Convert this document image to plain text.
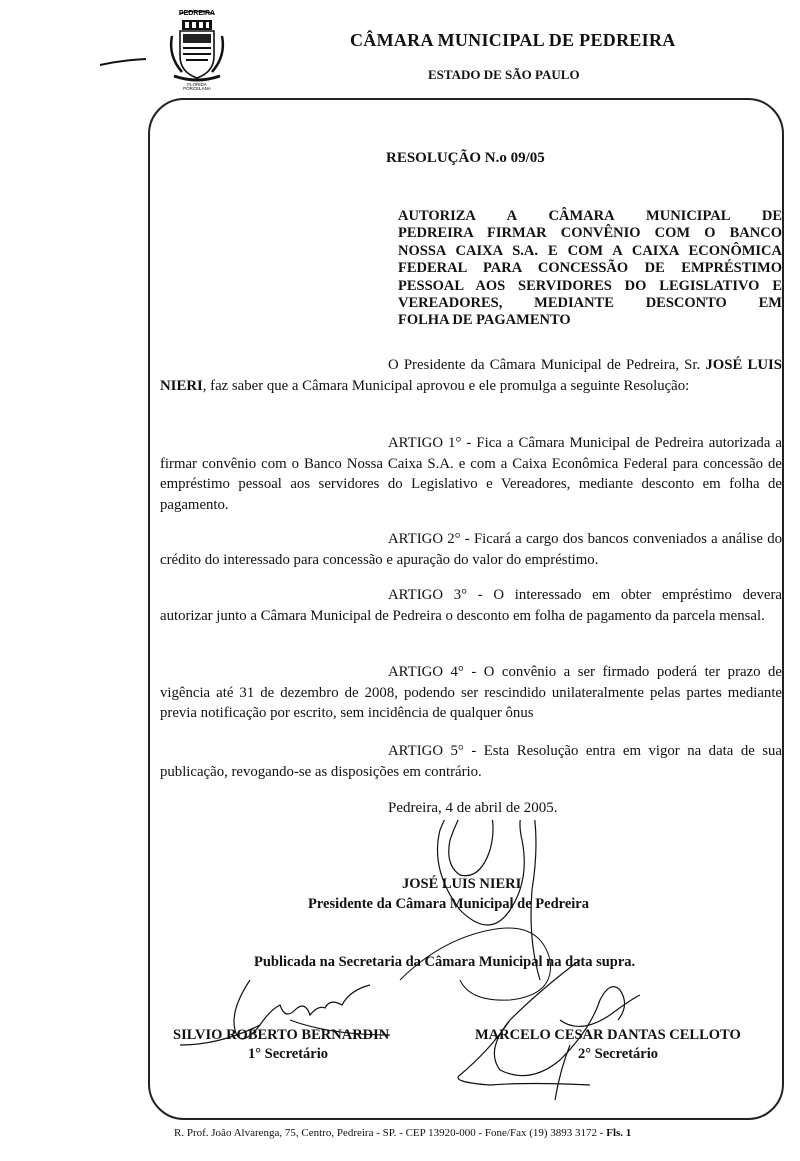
PEDREIRA
FLORIDA
PORCELANA
CÂMARA MUNICIPAL DE PEDREIRA
ESTADO DE SÃO PAULO
RESOLUÇÃO N.o 09/05
AUTORIZA A CÂMARA MUNICIPAL DE
PEDREIRA FIRMAR CONVÊNIO COM O BANCO
NOSSA CAIXA S.A. E COM A CAIXA ECONÔMICA
FEDERAL PARA CONCESSÃO DE EMPRÉSTIMO
PESSOAL AOS SERVIDORES DO LEGISLATIVO E
VEREADORES, MEDIANTE DESCONTO EM
FOLHA DE PAGAMENTO
O Presidente da Câmara Municipal de Pedreira, Sr. JOSÉ LUIS NIERI, faz saber que a Câmara Municipal aprovou e ele promulga a seguinte Resolução:
ARTIGO 1° - Fica a Câmara Municipal de Pedreira autorizada a firmar convênio com o Banco Nossa Caixa S.A. e com a Caixa Econômica Federal para concessão de empréstimo pessoal aos servidores do Legislativo e Vereadores, mediante desconto em folha de pagamento.
ARTIGO 2° - Ficará a cargo dos bancos conveniados a análise do crédito do interessado para concessão e apuração do valor do empréstimo.
ARTIGO 3° - O interessado em obter empréstimo devera autorizar junto a Câmara Municipal de Pedreira o desconto em folha de pagamento da parcela mensal.
ARTIGO 4° - O convênio a ser firmado poderá ter prazo de vigência até 31 de dezembro de 2008, podendo ser rescindido unilateralmente pelas partes mediante previa notificação por escrito, sem incidência de qualquer ônus
ARTIGO 5° - Esta Resolução entra em vigor na data de sua publicação, revogando-se as disposições em contrário.
Pedreira, 4 de abril de 2005.
JOSÉ LUIS NIERI
Presidente da Câmara Municipal de Pedreira
Publicada na Secretaria da Câmara Municipal na data supra.
SILVIO ROBERTO BERNARDIN
1° Secretário
MARCELO CESAR DANTAS CELLOTO
2° Secretário
R. Prof. João Alvarenga, 75, Centro, Pedreira - SP. - CEP 13920-000 - Fone/Fax (19) 3893 3172 - Fls. 1
